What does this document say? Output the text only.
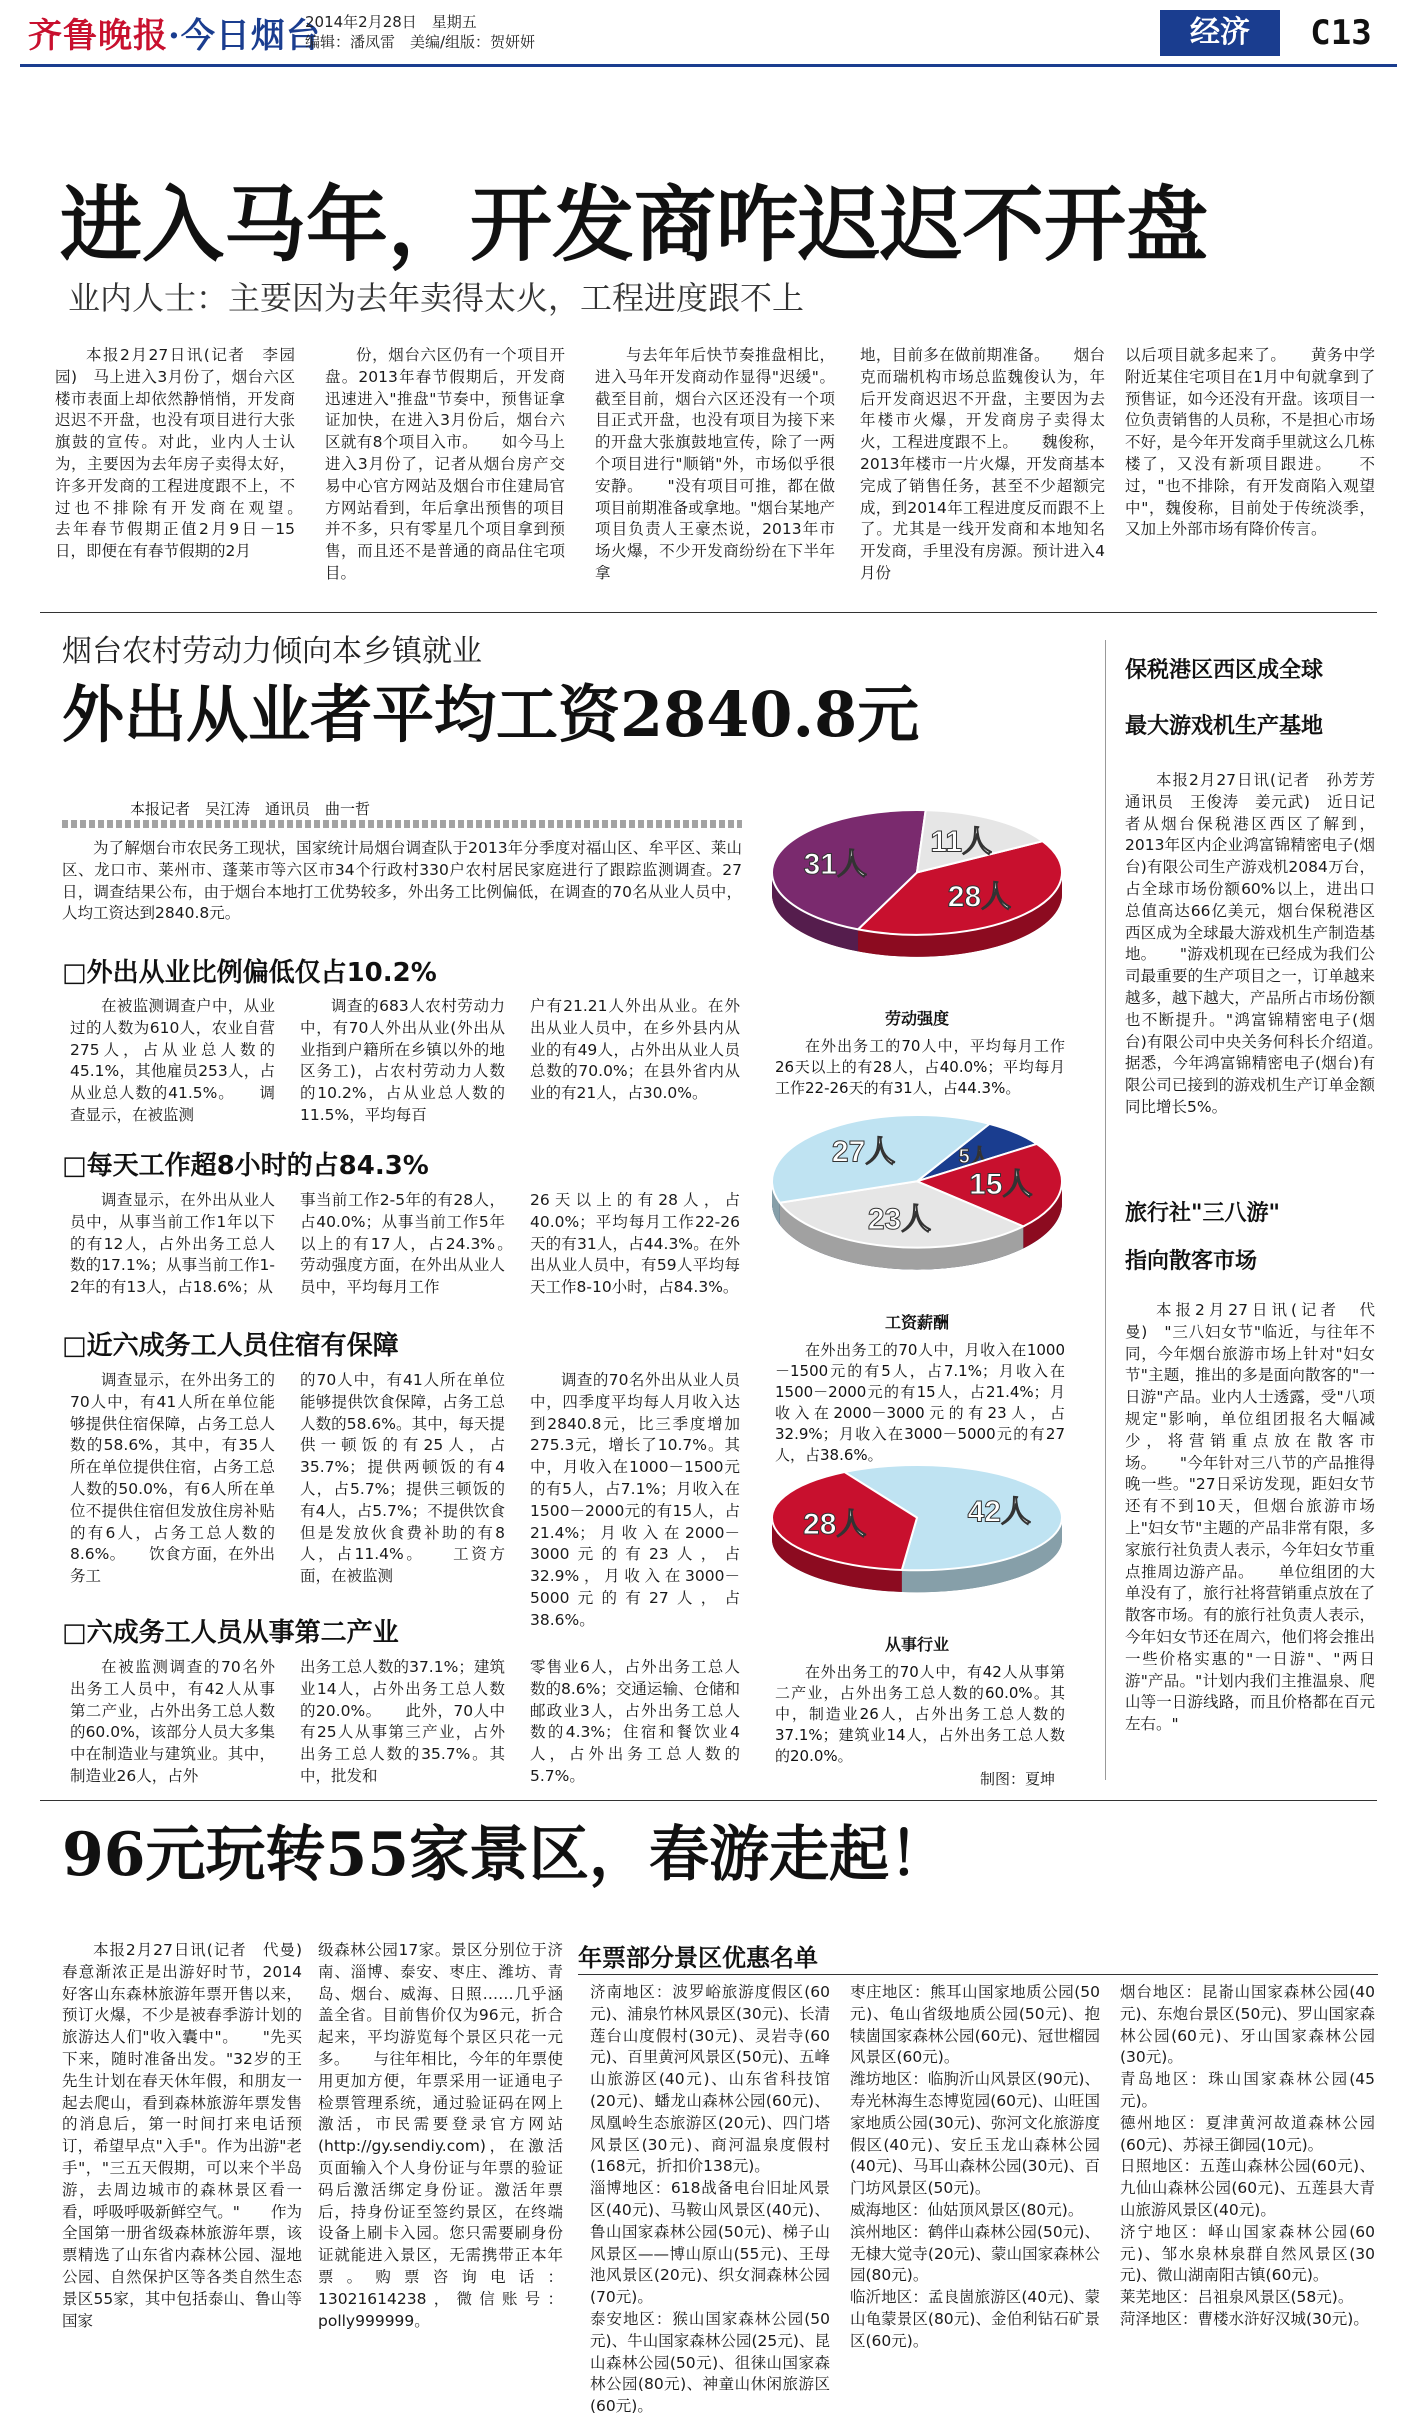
齐鲁晚报·今日烟台
2014年2月28日　星期五
编辑：潘凤雷　美编/组版：贺妍妍	经济	C13
进入马年，开发商咋迟迟不开盘
业内人士：主要因为去年卖得太火，工程进度跟不上
本报2月27日讯(记者　李园园)　马上进入3月份了，烟台六区楼市表面上却依然静悄悄，开发商迟迟不开盘，也没有项目进行大张旗鼓的宣传。对此，业内人士认为，主要因为去年房子卖得太好，许多开发商的工程进度跟不上，不过也不排除有开发商在观望。　　去年春节假期正值2月9日－15日，即便在有春节假期的2月
份，烟台六区仍有一个项目开盘。2013年春节假期后，开发商迅速进入"推盘"节奏中，预售证拿证加快，在进入3月份后，烟台六区就有8个项目入市。　　如今马上进入3月份了，记者从烟台房产交易中心官方网站及烟台市住建局官方网站看到，年后拿出预售的项目并不多，只有零星几个项目拿到预售，而且还不是普通的商品住宅项目。
与去年年后快节奏推盘相比，进入马年开发商动作显得"迟缓"。截至目前，烟台六区还没有一个项目正式开盘，也没有项目为接下来的开盘大张旗鼓地宣传，除了一两个项目进行"顺销"外，市场似乎很安静。　　"没有项目可推，都在做项目前期准备或拿地。"烟台某地产项目负责人王豪杰说，2013年市场火爆，不少开发商纷纷在下半年拿
地，目前多在做前期准备。　　烟台克而瑞机构市场总监魏俊认为，年后开发商迟迟不开盘，主要因为去年楼市火爆，开发商房子卖得太火，工程进度跟不上。　　魏俊称，2013年楼市一片火爆，开发商基本完成了销售任务，甚至不少超额完成，到2014年工程进度反而跟不上了。尤其是一线开发商和本地知名开发商，手里没有房源。预计进入4月份
以后项目就多起来了。　　黄务中学附近某住宅项目在1月中旬就拿到了预售证，如今还没有开盘。该项目一位负责销售的人员称，不是担心市场不好，是今年开发商手里就这么几栋楼了，又没有新项目跟进。　　不过，"也不排除，有开发商陷入观望中"，魏俊称，目前处于传统淡季，又加上外部市场有降价传言。
烟台农村劳动力倾向本乡镇就业
外出从业者平均工资2840.8元
本报记者　吴江涛　通讯员　曲一哲
为了解烟台市农民务工现状，国家统计局烟台调查队于2013年分季度对福山区、牟平区、莱山区、龙口市、莱州市、蓬莱市等六区市34个行政村330户农村居民家庭进行了跟踪监测调查。27日，调查结果公布，由于烟台本地打工优势较多，外出务工比例偏低，在调查的70名从业人员中，人均工资达到2840.8元。
□外出从业比例偏低仅占10.2%
在被监测调查户中，从业过的人数为610人，农业自营275人，占从业总人数的45.1%，其他雇员253人，占从业总人数的41.5%。　　调查显示，在被监测
调查的683人农村劳动力中，有70人外出从业(外出从业指到户籍所在乡镇以外的地区务工)，占农村劳动力人数的10.2%，占从业总人数的11.5%，平均每百
户有21.21人外出从业。在外出从业人员中，在乡外县内从业的有49人，占外出从业人员总数的70.0%；在县外省内从业的有21人，占30.0%。
□每天工作超8小时的占84.3%
调查显示，在外出从业人员中，从事当前工作1年以下的有12人，占外出务工总人数的17.1%；从事当前工作1-2年的有13人，占18.6%；从
事当前工作2-5年的有28人，占40.0%；从事当前工作5年以上的有17人，占24.3%。　　劳动强度方面，在外出从业人员中，平均每月工作
26天以上的有28人，占40.0%；平均每月工作22-26天的有31人，占44.3%。在外出从业人员中，有59人平均每天工作8-10小时，占84.3%。
□近六成务工人员住宿有保障
调查显示，在外出务工的70人中，有41人所在单位能够提供住宿保障，占务工总人数的58.6%，其中，有35人所在单位提供住宿，占务工总人数的50.0%，有6人所在单位不提供住宿但发放住房补贴的有6人，占务工总人数的8.6%。　　饮食方面，在外出务工
的70人中，有41人所在单位能够提供饮食保障，占务工总人数的58.6%。其中，每天提供一顿饭的有25人，占35.7%；提供两顿饭的有4人，占5.7%；提供三顿饭的有4人，占5.7%；不提供饮食但是发放伙食费补助的有8人，占11.4%。　　工资方面，在被监测
调查的70名外出从业人员中，四季度平均每人月收入达到2840.8元，比三季度增加275.3元，增长了10.7%。其中，月收入在1000－1500元的有5人，占7.1%；月收入在1500－2000元的有15人，占21.4%；月收入在2000－3000元的有23人，占32.9%，月收入在3000－5000元的有27人，占38.6%。
□六成务工人员从事第二产业
在被监测调查的70名外出务工人员中，有42人从事第二产业，占外出务工总人数的60.0%，该部分人员大多集中在制造业与建筑业。其中，制造业26人，占外
出务工总人数的37.1%；建筑业14人，占外出务工总人数的20.0%。　　此外，70人中有25人从事第三产业，占外出务工总人数的35.7%。其中，批发和
零售业6人，占外出务工总人数的8.6%；交通运输、仓储和邮政业3人，占外出务工总人数的4.3%；住宿和餐饮业4人，占外出务工总人数的5.7%。
28人
31人
11人
劳动强度
在外出务工的70人中，平均每月工作26天以上的有28人，占40.0%；平均每月工作22-26天的有31人，占44.3%。
5人
15人
23人
27人
工资薪酬
在外出务工的70人中，月收入在1000－1500元的有5人，占7.1%；月收入在1500－2000元的有15人，占21.4%；月收入在2000－3000元的有23人，占32.9%；月收入在3000－5000元的有27人，占38.6%。
42人
28人
从事行业
在外出务工的70人中，有42人从事第二产业，占外出务工总人数的60.0%。其中，制造业26人，占外出务工总人数的37.1%；建筑业14人，占外出务工总人数的20.0%。
制图：夏坤
保税港区西区成全球
最大游戏机生产基地
本报2月27日讯(记者　孙芳芳　通讯员　王俊涛　姜元武)　近日记者从烟台保税港区西区了解到，2013年区内企业鸿富锦精密电子(烟台)有限公司生产游戏机2084万台，占全球市场份额60%以上，进出口总值高达66亿美元，烟台保税港区西区成为全球最大游戏机生产制造基地。　　"游戏机现在已经成为我们公司最重要的生产项目之一，订单越来越多，越下越大，产品所占市场份额也不断提升。"鸿富锦精密电子(烟台)有限公司中央关务何科长介绍道。　　据悉，今年鸿富锦精密电子(烟台)有限公司已接到的游戏机生产订单金额同比增长5%。
旅行社"三八游"
指向散客市场
本报2月27日讯(记者　代曼)　"三八妇女节"临近，与往年不同，今年烟台旅游市场上针对"妇女节"主题，推出的多是面向散客的"一日游"产品。业内人士透露，受"八项规定"影响，单位组团报名大幅减少，将营销重点放在散客市场。　　"今年针对三八节的产品推得晚一些。"27日采访发现，距妇女节还有不到10天，但烟台旅游市场上"妇女节"主题的产品非常有限，多家旅行社负责人表示，今年妇女节重点推周边游产品。　　单位组团的大单没有了，旅行社将营销重点放在了散客市场。有的旅行社负责人表示，今年妇女节还在周六，他们将会推出一些价格实惠的"一日游"、"两日游"产品。"计划内我们主推温泉、爬山等一日游线路，而且价格都在百元左右。"
96元玩转55家景区，春游走起！
本报2月27日讯(记者　代曼)　春意渐浓正是出游好时节，2014好客山东森林旅游年票开售以来，预订火爆，不少是被春季游计划的旅游达人们"收入囊中"。　　"先买下来，随时准备出发。"32岁的王先生计划在春天休年假，和朋友一起去爬山，看到森林旅游年票发售的消息后，第一时间打来电话预订，希望早点"入手"。作为出游"老手"，"三五天假期，可以来个半岛游，去周边城市的森林景区看一看，呼吸呼吸新鲜空气。"　　作为全国第一册省级森林旅游年票，该票精选了山东省内森林公园、湿地公园、自然保护区等各类自然生态景区55家，其中包括泰山、鲁山等国家
级森林公园17家。景区分别位于济南、淄博、泰安、枣庄、潍坊、青岛、烟台、威海、日照……几乎涵盖全省。目前售价仅为96元，折合起来，平均游览每个景区只花一元多。　　与往年相比，今年的年票使用更加方便，年票采用一证通电子检票管理系统，通过验证码在网上激活，市民需要登录官方网站(http://gy.sendiy.com)，在激活页面输入个人身份证与年票的验证码后激活绑定身份证。激活年票后，持身份证至签约景区，在终端设备上刷卡入园。您只需要刷身份证就能进入景区，无需携带正本年票。购票咨询电话：13021614238，微信账号：polly999999。
年票部分景区优惠名单
济南地区：波罗峪旅游度假区(60元)、浦泉竹林风景区(30元)、长清莲台山度假村(30元)、灵岩寺(60元)、百里黄河风景区(50元)、五峰山旅游区(40元)、山东省科技馆(20元)、蟠龙山森林公园(60元)、凤凰岭生态旅游区(20元)、四门塔风景区(30元)、商河温泉度假村(168元，折扣价138元)。
淄博地区：618战备电台旧址风景区(40元)、马鞍山风景区(40元)、鲁山国家森林公园(50元)、梯子山风景区——博山原山(55元)、王母池风景区(20元)、织女洞森林公园(70元)。
泰安地区：猴山国家森林公园(50元)、牛山国家森林公园(25元)、昆山森林公园(50元)、徂徕山国家森林公园(80元)、神童山休闲旅游区(60元)。
枣庄地区：熊耳山国家地质公园(50元)、龟山省级地质公园(50元)、抱犊崮国家森林公园(60元)、冠世榴园风景区(60元)。
潍坊地区：临朐沂山风景区(90元)、寿光林海生态博览园(60元)、山旺国家地质公园(30元)、弥河文化旅游度假区(40元)、安丘玉龙山森林公园(40元)、马耳山森林公园(30元)、百门坊风景区(50元)。
威海地区：仙姑顶风景区(80元)。
滨州地区：鹤伴山森林公园(50元)、无棣大觉寺(20元)、蒙山国家森林公园(80元)。
临沂地区：孟良崮旅游区(40元)、蒙山龟蒙景区(80元)、金伯利钻石矿景区(60元)。
烟台地区：昆嵛山国家森林公园(40元)、东炮台景区(50元)、罗山国家森林公园(60元)、牙山国家森林公园(30元)。
青岛地区：珠山国家森林公园(45元)。
德州地区：夏津黄河故道森林公园(60元)、苏禄王御园(10元)。
日照地区：五莲山森林公园(60元)、九仙山森林公园(60元)、五莲县大青山旅游风景区(40元)。
济宁地区：峄山国家森林公园(60元)、邹水泉林泉群自然风景区(30元)、微山湖南阳古镇(60元)。
莱芜地区：吕祖泉风景区(58元)。
菏泽地区：曹楼水浒好汉城(30元)。
